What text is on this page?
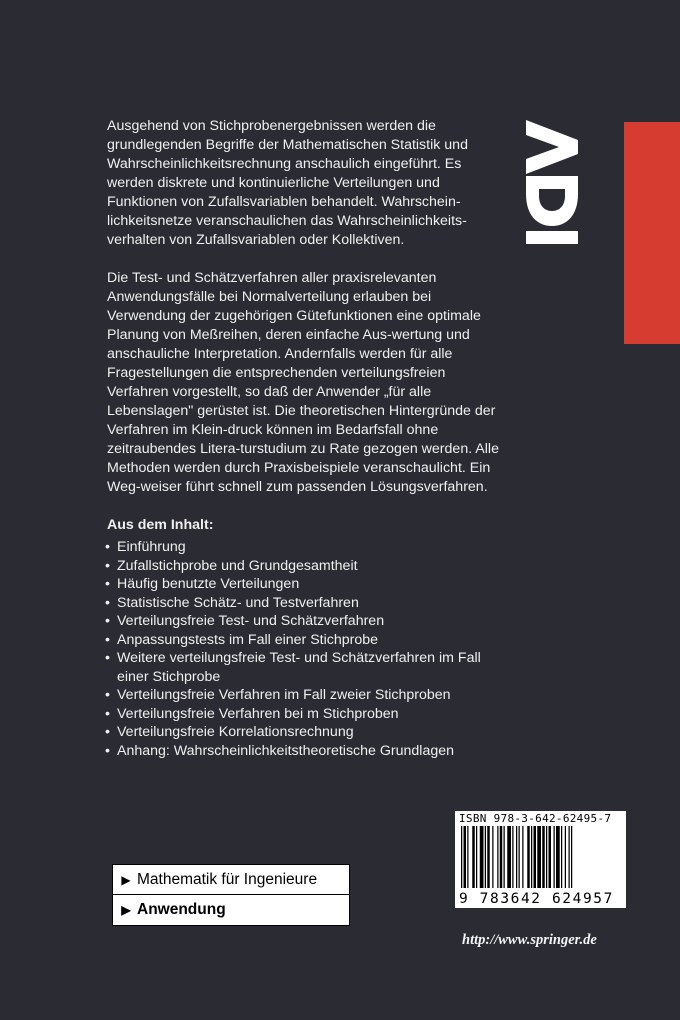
Ausgehend von Stichprobenergebnissen werden die grundlegenden Begriffe der Mathematischen Statistik und Wahrscheinlichkeitsrechnung anschaulich eingeführt. Es werden diskrete und kontinuierliche Verteilungen und Funktionen von Zufallsvariablen behandelt. Wahrschein-lichkeitsnetze veranschaulichen das Wahrscheinlichkeits-verhalten von Zufallsvariablen oder Kollektiven.

Die Test- und Schätzverfahren aller praxisrelevanten Anwendungsfälle bei Normalverteilung erlauben bei Verwendung der zugehörigen Gütefunktionen eine optimale Planung von Meßreihen, deren einfache Aus-wertung und anschauliche Interpretation. Andernfalls werden für alle Fragestellungen die entsprechenden verteilungsfreien Verfahren vorgestellt, so daß der Anwender „für alle Lebenslagen" gerüstet ist. Die theoretischen Hintergründe der Verfahren im Klein-druck können im Bedarfsfall ohne zeitraubendes Litera-turstudium zu Rate gezogen werden. Alle Methoden werden durch Praxisbeispiele veranschaulicht. Ein Weg-weiser führt schnell zum passenden Lösungsverfahren.

Aus dem Inhalt:
• Einführung
• Zufallstichprobe und Grundgesamtheit
• Häufig benutzte Verteilungen
• Statistische Schätz- und Testverfahren
• Verteilungsfreie Test- und Schätzverfahren
• Anpassungstests im Fall einer Stichprobe
• Weitere verteilungsfreie Test- und Schätzverfahren im Fall einer Stichprobe
• Verteilungsfreie Verfahren im Fall zweier Stichproben
• Verteilungsfreie Verfahren bei m Stichproben
• Verteilungsfreie Korrelationsrechnung
• Anhang: Wahrscheinlichkeitstheoretische Grundlagen
ISBN 978-3-642-62495-7
9 783642 624957
▶ Mathematik für Ingenieure
▶ Anwendung
http://www.springer.de
